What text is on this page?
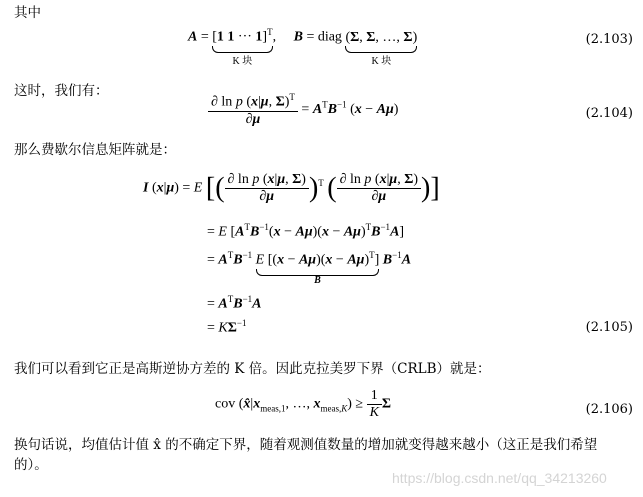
其中
A = [1 1 ··· 1]$^T$
K 块
,     B = diag (Σ, Σ, …, Σ)
K 块
(2.103)
这时，我们有：
$\frac{\partial \ln p (x|\mu, \Sigma)^T}{\partial\mu} = A^TB^{-1}$ (x − Aμ)	(2.104)
那么费歇尔信息矩阵就是：
I (x|μ) = E [( $\frac{\text{∂ ln p (x|μ, Σ)}}{\partial\mu} )^T$ ( $\frac{\text{∂ ln p (x|μ, Σ)}}{\partial\mu}$ )]
= E $[A^TB^{-1}(x - A\mu)(x - A\mu)^TB^{-1}A]$
= $A^TB^{-1}$ E $[(x - A\mu)(x - A\mu)^T]$
B
$B^{-1}A$
= $A^TB^{-1}A$
= $K\Sigma^{-1}$	(2.105)
我们可以看到它正是高斯逆协方差的 K 倍。因此克拉美罗下界（CRLB）就是：
cov ($x̂|x_{meas,1}$, …, $x_{meas,K}) \ge \frac{1}{K}$ Σ	(2.106)
换句话说，均值估计值 x̂ 的不确定下界，随着观测值数量的增加就变得越来越小（这正是我们希望
的）。
https://blog.csdn.net/qq_34213260
